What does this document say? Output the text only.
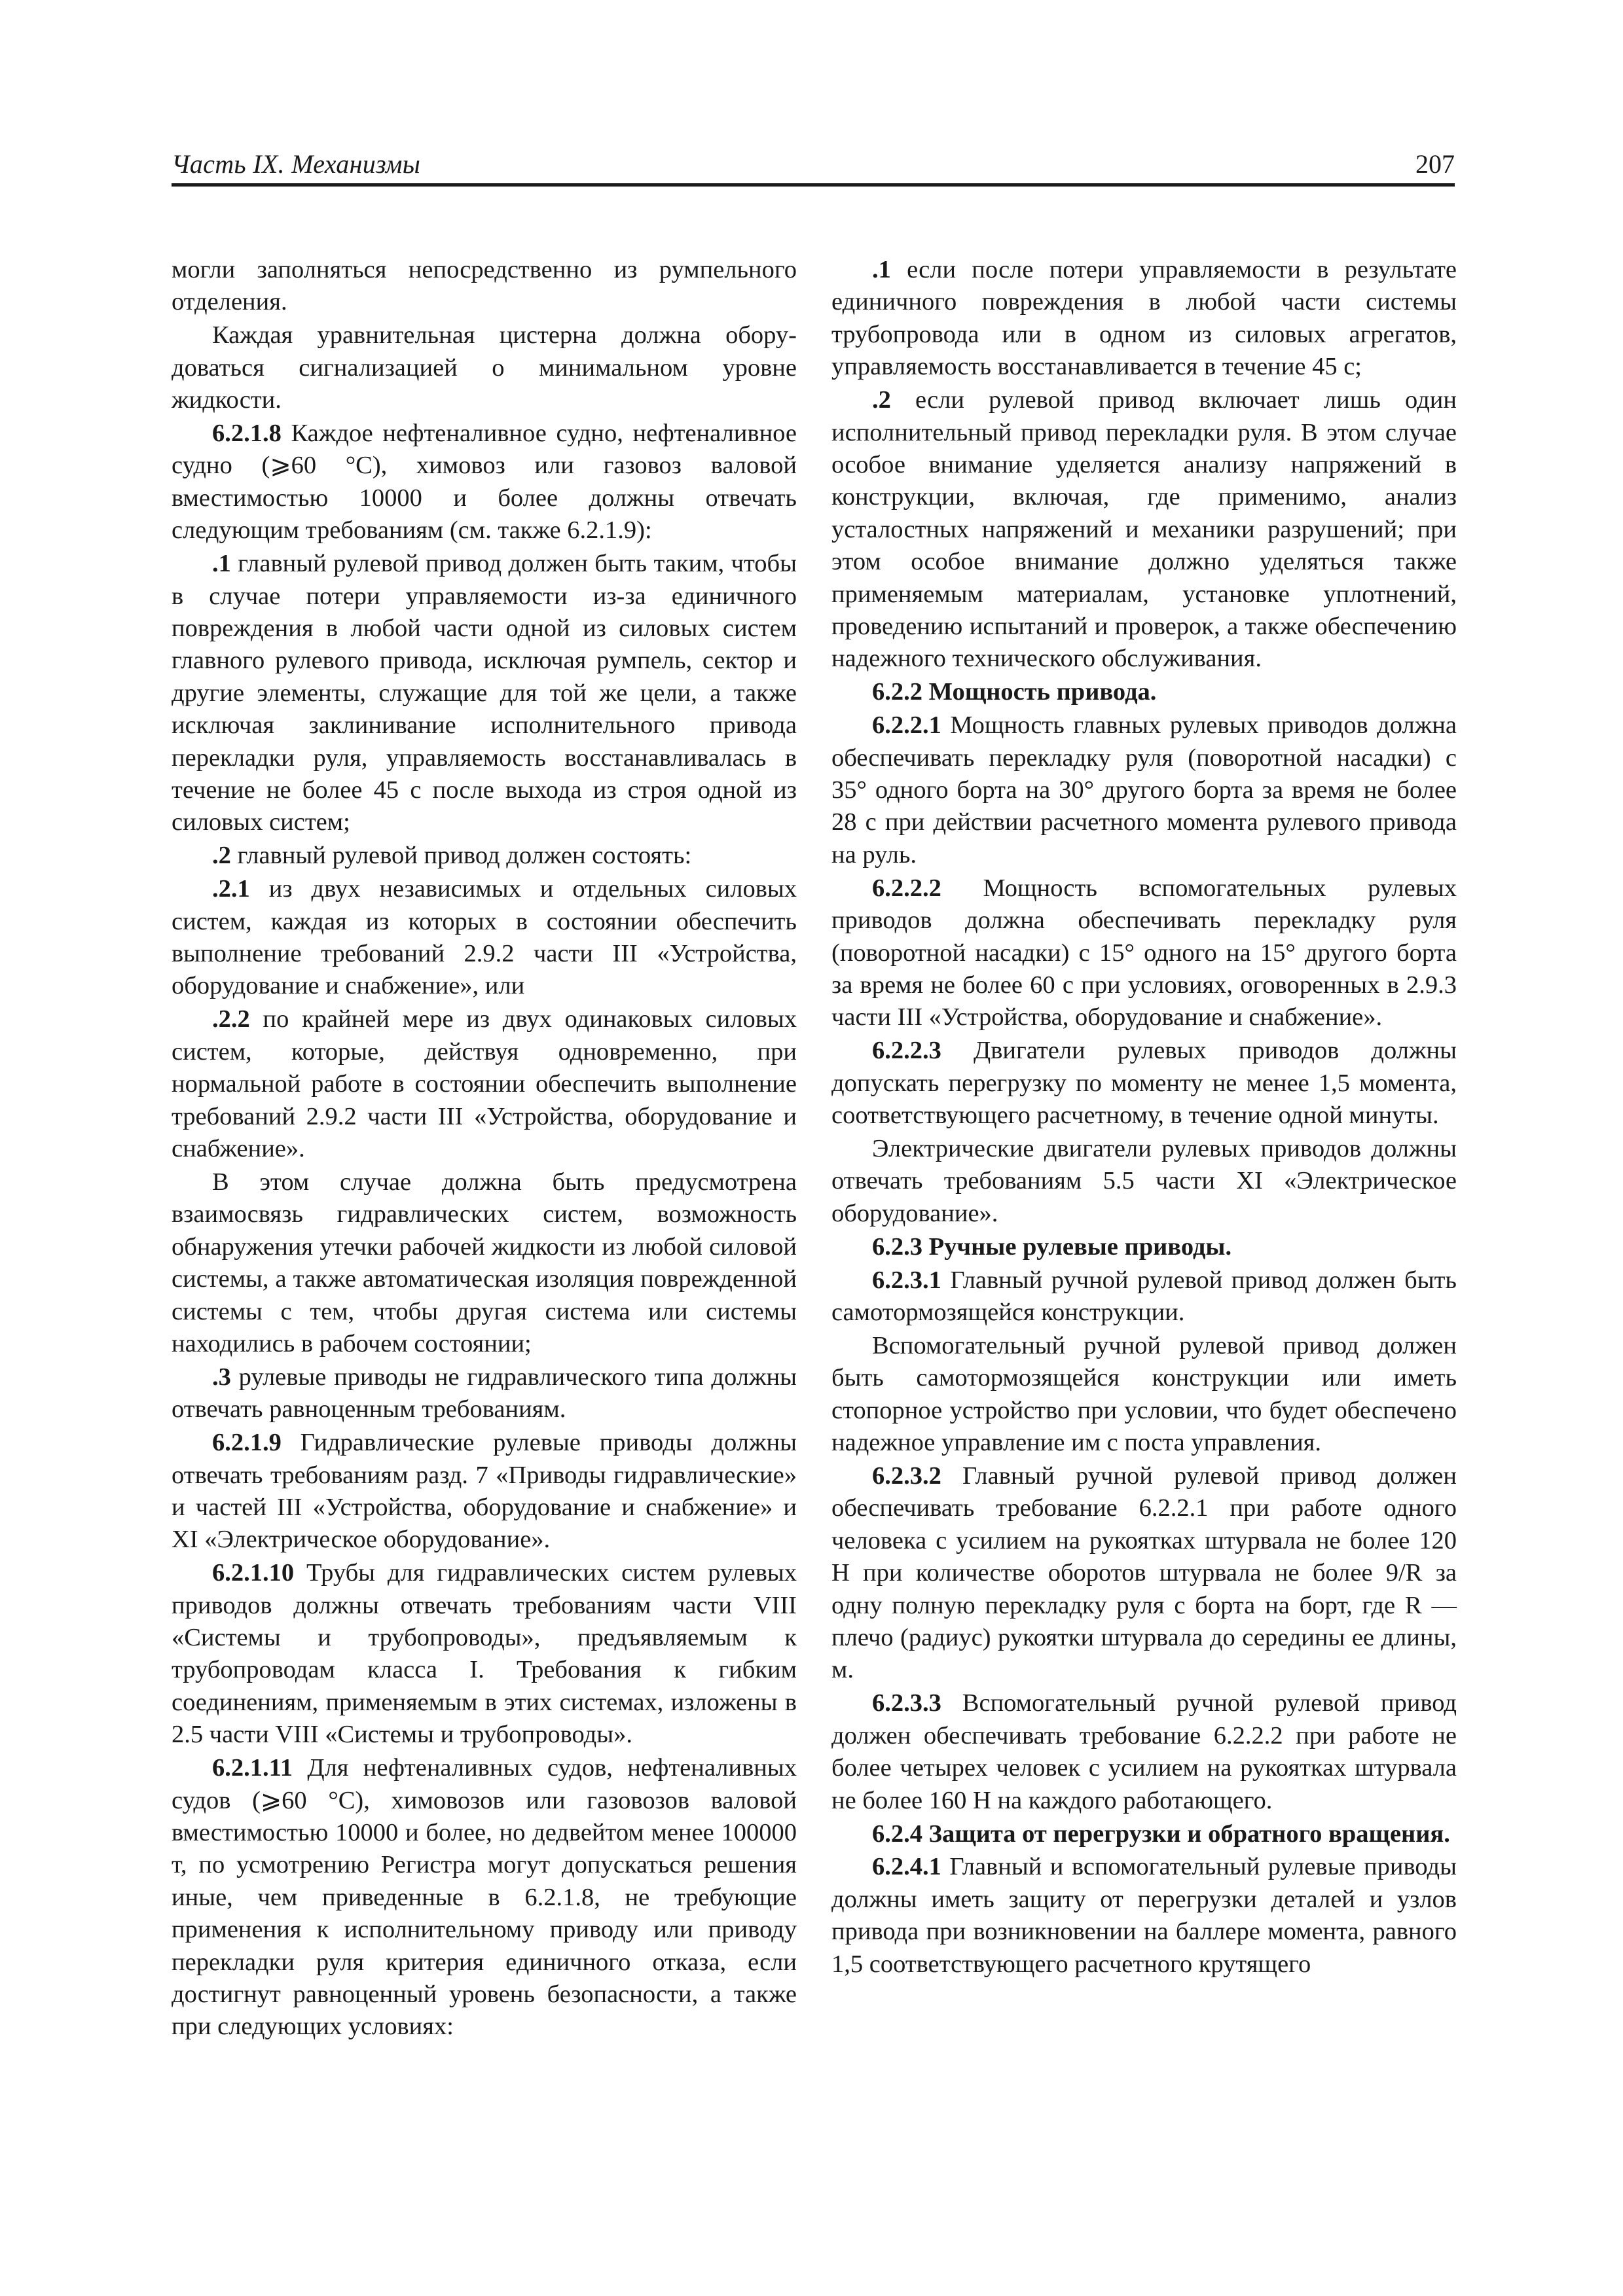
Часть IX. Механизмы	207

могли заполняться непосредственно из румпельного отделения.

Каждая уравнительная цистерна должна оборудоваться сигнализацией о минимальном уровне жидкости.

6.2.1.8 Каждое нефтеналивное судно, нефтеналивное судно (⩾60 °С), химовоз или газовоз валовой вместимостью 10000 и более должны отвечать следующим требованиям (см. также 6.2.1.9):

.1 главный рулевой привод должен быть таким, чтобы в случае потери управляемости из-за единичного повреждения в любой части одной из силовых систем главного рулевого привода, исключая румпель, сектор и другие элементы, служащие для той же цели, а также исключая заклинивание исполнительного привода перекладки руля, управляемость восстанавливалась в течение не более 45 с после выхода из строя одной из силовых систем;

.2 главный рулевой привод должен состоять:

.2.1 из двух независимых и отдельных силовых систем, каждая из которых в состоянии обеспечить выполнение требований 2.9.2 части III «Устройства, оборудование и снабжение», или

.2.2 по крайней мере из двух одинаковых силовых систем, которые, действуя одновременно, при нормальной работе в состоянии обеспечить выполнение требований 2.9.2 части III «Устройства, оборудование и снабжение».

В этом случае должна быть предусмотрена взаимосвязь гидравлических систем, возможность обнаружения утечки рабочей жидкости из любой силовой системы, а также автоматическая изоляция поврежденной системы с тем, чтобы другая система или системы находились в рабочем состоянии;

.3 рулевые приводы не гидравлического типа должны отвечать равноценным требованиям.

6.2.1.9 Гидравлические рулевые приводы должны отвечать требованиям разд. 7 «Приводы гидравлические» и частей III «Устройства, оборудование и снабжение» и XI «Электрическое оборудование».

6.2.1.10 Трубы для гидравлических систем рулевых приводов должны отвечать требованиям части VIII «Системы и трубопроводы», предъявляемым к трубопроводам класса I. Требования к гибким соединениям, применяемым в этих системах, изложены в 2.5 части VIII «Системы и трубопроводы».

6.2.1.11 Для нефтеналивных судов, нефтеналивных судов (⩾60 °С), химовозов или газовозов валовой вместимостью 10000 и более, но дедвейтом менее 100000 т, по усмотрению Регистра могут допускаться решения иные, чем приведенные в 6.2.1.8, не требующие применения к исполнительному приводу или приводу перекладки руля критерия единичного отказа, если достигнут равноценный уровень безопасности, а также при следующих условиях:

.1 если после потери управляемости в результате единичного повреждения в любой части системы трубопровода или в одном из силовых агрегатов, управляемость восстанавливается в течение 45 с;

.2 если рулевой привод включает лишь один исполнительный привод перекладки руля. В этом случае особое внимание уделяется анализу напряжений в конструкции, включая, где применимо, анализ усталостных напряжений и механики разрушений; при этом особое внимание должно уделяться также применяемым материалам, установке уплотнений, проведению испытаний и проверок, а также обеспечению надежного технического обслуживания.

6.2.2 Мощность привода.

6.2.2.1 Мощность главных рулевых приводов должна обеспечивать перекладку руля (поворотной насадки) с 35° одного борта на 30° другого борта за время не более 28 с при действии расчетного момента рулевого привода на руль.

6.2.2.2 Мощность вспомогательных рулевых приводов должна обеспечивать перекладку руля (поворотной насадки) с 15° одного на 15° другого борта за время не более 60 с при условиях, оговоренных в 2.9.3 части III «Устройства, оборудование и снабжение».

6.2.2.3 Двигатели рулевых приводов должны допускать перегрузку по моменту не менее 1,5 момента, соответствующего расчетному, в течение одной минуты.

Электрические двигатели рулевых приводов должны отвечать требованиям 5.5 части XI «Электрическое оборудование».

6.2.3 Ручные рулевые приводы.

6.2.3.1 Главный ручной рулевой привод должен быть самотормозящейся конструкции.

Вспомогательный ручной рулевой привод должен быть самотормозящейся конструкции или иметь стопорное устройство при условии, что будет обеспечено надежное управление им с поста управления.

6.2.3.2 Главный ручной рулевой привод должен обеспечивать требование 6.2.2.1 при работе одного человека с усилием на рукоятках штурвала не более 120 Н при количестве оборотов штурвала не более 9/R за одну полную перекладку руля с борта на борт, где R — плечо (радиус) рукоятки штурвала до середины ее длины, м.

6.2.3.3 Вспомогательный ручной рулевой привод должен обеспечивать требование 6.2.2.2 при работе не более четырех человек с усилием на рукоятках штурвала не более 160 Н на каждого работающего.

6.2.4 Защита от перегрузки и обратного вращения.

6.2.4.1 Главный и вспомогательный рулевые приводы должны иметь защиту от перегрузки деталей и узлов привода при возникновении на баллере момента, равного 1,5 соответствующего расчетного крутящего
